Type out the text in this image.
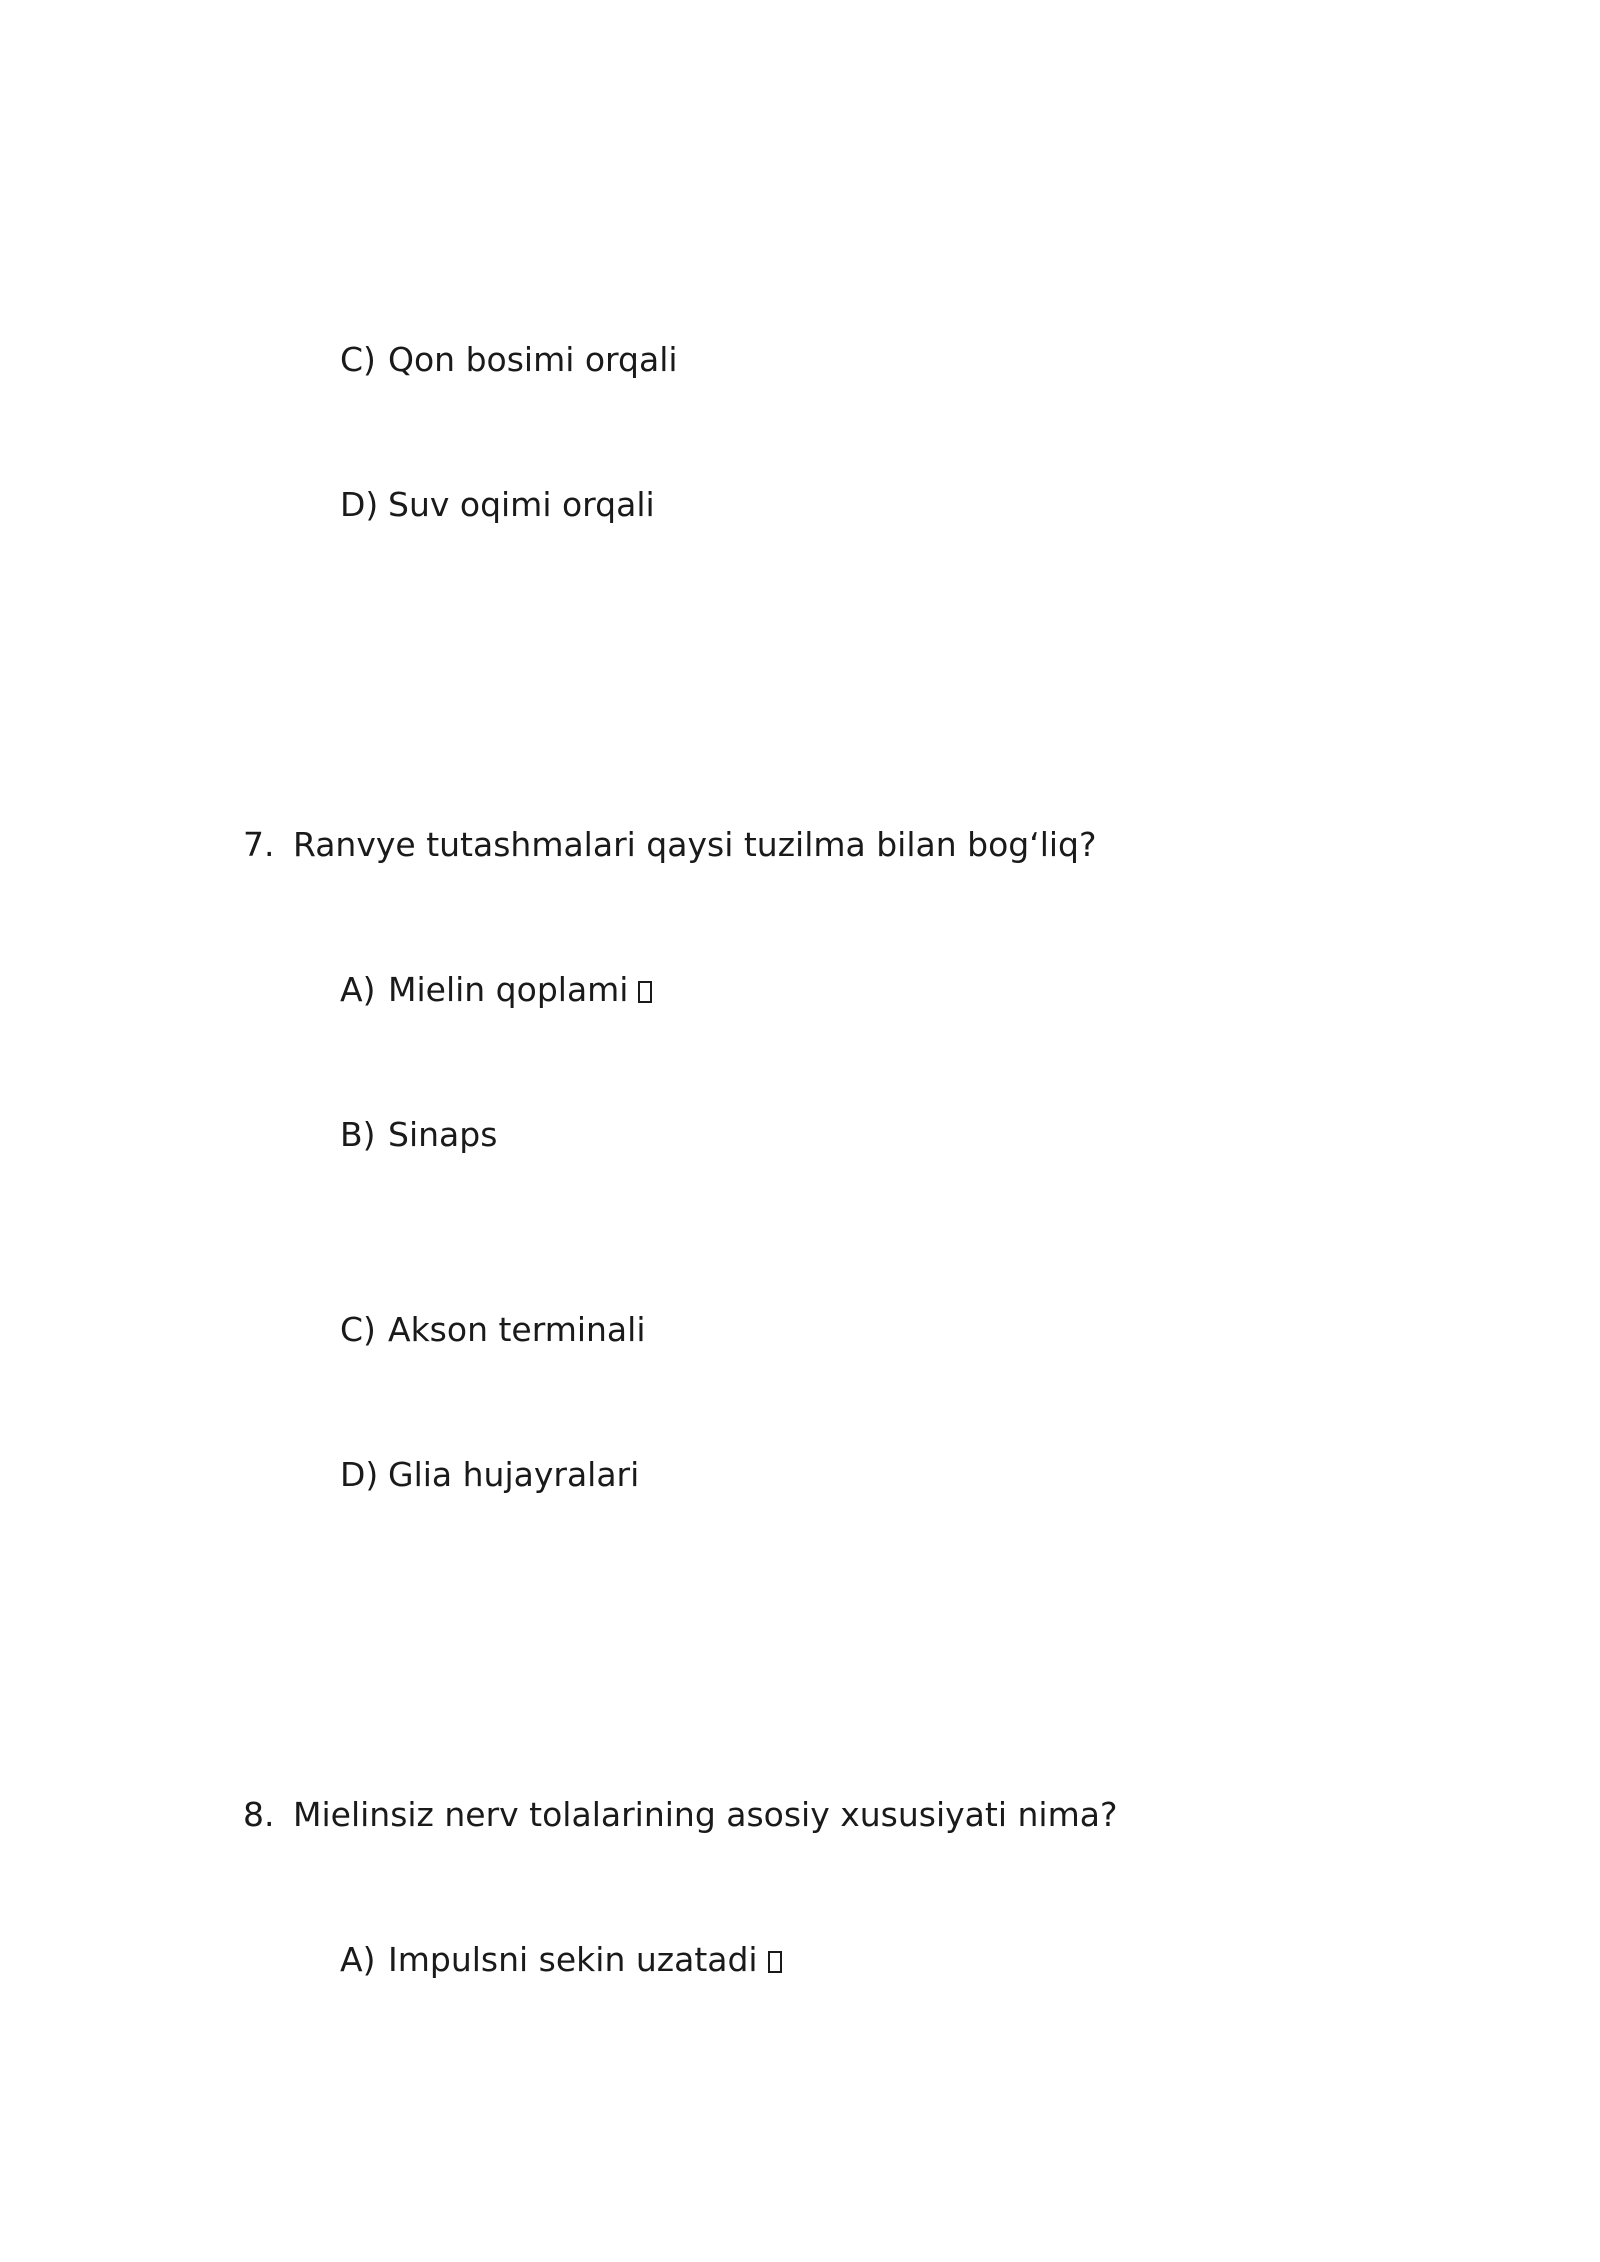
C) Qon bosimi orqali
D) Suv oqimi orqali
7. Ranvye tutashmalari qaysi tuzilma bilan bog‘liq?
A) Mielin qoplami
B) Sinaps
C) Akson terminali
D) Glia hujayralari
8. Mielinsiz nerv tolalarining asosiy xususiyati nima?
A) Impulsni sekin uzatadi
